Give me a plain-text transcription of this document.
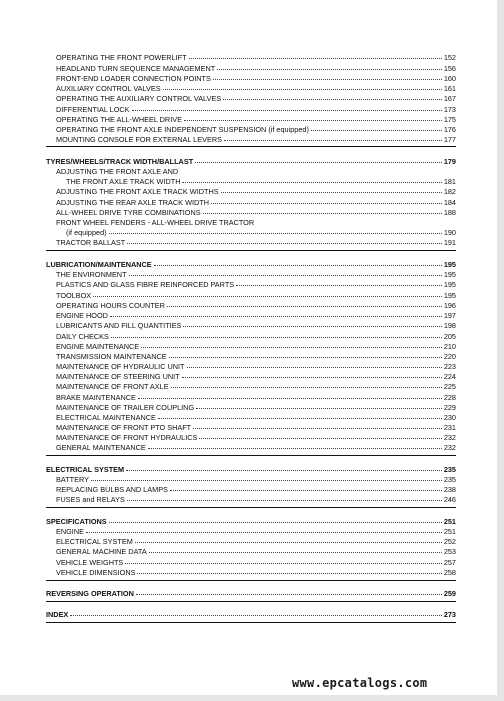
OPERATING THE FRONT POWERLIFT	152
HEADLAND TURN SEQUENCE MANAGEMENT	156
FRONT-END LOADER CONNECTION POINTS	160
AUXILIARY CONTROL VALVES	161
OPERATING THE AUXILIARY CONTROL VALVES	167
DIFFERENTIAL LOCK	173
OPERATING THE ALL-WHEEL DRIVE	175
OPERATING THE FRONT AXLE INDEPENDENT SUSPENSION (if equipped)	176
MOUNTING CONSOLE FOR EXTERNAL LEVERS	177
TYRES/WHEELS/TRACK WIDTH/BALLAST	179
ADJUSTING THE FRONT AXLE AND
THE FRONT AXLE TRACK WIDTH	181
ADJUSTING THE FRONT AXLE TRACK WIDTHS	182
ADJUSTING THE REAR AXLE TRACK WIDTH	184
ALL-WHEEL DRIVE TYRE COMBINATIONS	188
FRONT WHEEL FENDERS - ALL-WHEEL DRIVE TRACTOR
(if equipped)	190
TRACTOR BALLAST	191
LUBRICATION/MAINTENANCE	195
THE ENVIRONMENT	195
PLASTICS AND GLASS FIBRE REINFORCED PARTS	195
TOOLBOX	195
OPERATING HOURS COUNTER	196
ENGINE HOOD	197
LUBRICANTS AND FILL QUANTITIES	198
DAILY CHECKS	205
ENGINE MAINTENANCE	210
TRANSMISSION MAINTENANCE	220
MAINTENANCE OF HYDRAULIC UNIT	223
MAINTENANCE OF STEERING UNIT	224
MAINTENANCE OF FRONT AXLE	225
BRAKE MAINTENANCE	228
MAINTENANCE OF TRAILER COUPLING	229
ELECTRICAL MAINTENANCE	230
MAINTENANCE OF FRONT PTO SHAFT	231
MAINTENANCE OF FRONT HYDRAULICS	232
GENERAL MAINTENANCE	232
ELECTRICAL SYSTEM	235
BATTERY	235
REPLACING BULBS AND LAMPS	238
FUSES and RELAYS	246
SPECIFICATIONS	251
ENGINE	251
ELECTRICAL SYSTEM	252
GENERAL MACHINE DATA	253
VEHICLE WEIGHTS	257
VEHICLE DIMENSIONS	258
REVERSING OPERATION	259
INDEX	273
www.epcatalogs.com
